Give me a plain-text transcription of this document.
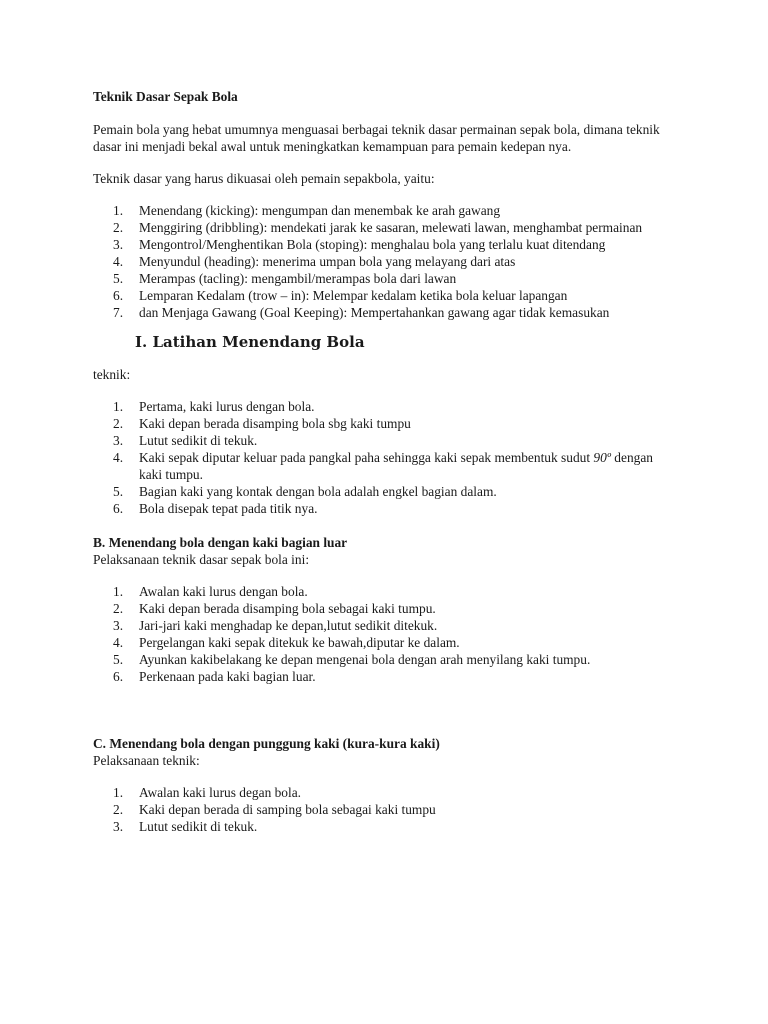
Teknik Dasar Sepak Bola

Pemain bola yang hebat umumnya menguasai berbagai teknik dasar permainan sepak bola, dimana teknik dasar ini menjadi bekal awal untuk meningkatkan kemampuan para pemain kedepan nya.

Teknik dasar yang harus dikuasai oleh pemain sepakbola, yaitu:

1. Menendang (kicking): mengumpan dan menembak ke arah gawang
2. Menggiring (dribbling): mendekati jarak ke sasaran, melewati lawan, menghambat permainan
3. Mengontrol/Menghentikan Bola (stoping): menghalau bola yang terlalu kuat ditendang
4. Menyundul (heading): menerima umpan bola yang melayang dari atas
5. Merampas (tacling): mengambil/merampas bola dari lawan
6. Lemparan Kedalam (trow – in): Melempar kedalam ketika bola keluar lapangan
7. dan Menjaga Gawang (Goal Keeping): Mempertahankan gawang agar tidak kemasukan
I. Latihan Menendang Bola

teknik:

1. Pertama, kaki lurus dengan bola.
2. Kaki depan berada disamping bola sbg kaki tumpu
3. Lutut sedikit di tekuk.
4. Kaki sepak diputar keluar pada pangkal paha sehingga kaki sepak membentuk sudut 90º dengan kaki tumpu.
5. Bagian kaki yang kontak dengan bola adalah engkel bagian dalam.
6. Bola disepak tepat pada titik nya.

B. Menendang bola dengan kaki bagian luar

Pelaksanaan teknik dasar sepak bola ini:

1. Awalan kaki lurus dengan bola.
2. Kaki depan berada disamping bola sebagai kaki tumpu.
3. Jari-jari kaki menghadap ke depan,lutut sedikit ditekuk.
4. Pergelangan kaki sepak ditekuk ke bawah,diputar ke dalam.
5. Ayunkan kakibelakang ke depan mengenai bola dengan arah menyilang kaki tumpu.
6. Perkenaan pada kaki bagian luar.

C. Menendang bola dengan punggung kaki (kura-kura kaki)

Pelaksanaan teknik:

1. Awalan kaki lurus degan bola.
2. Kaki depan berada di samping bola sebagai kaki tumpu
3. Lutut sedikit di tekuk.
